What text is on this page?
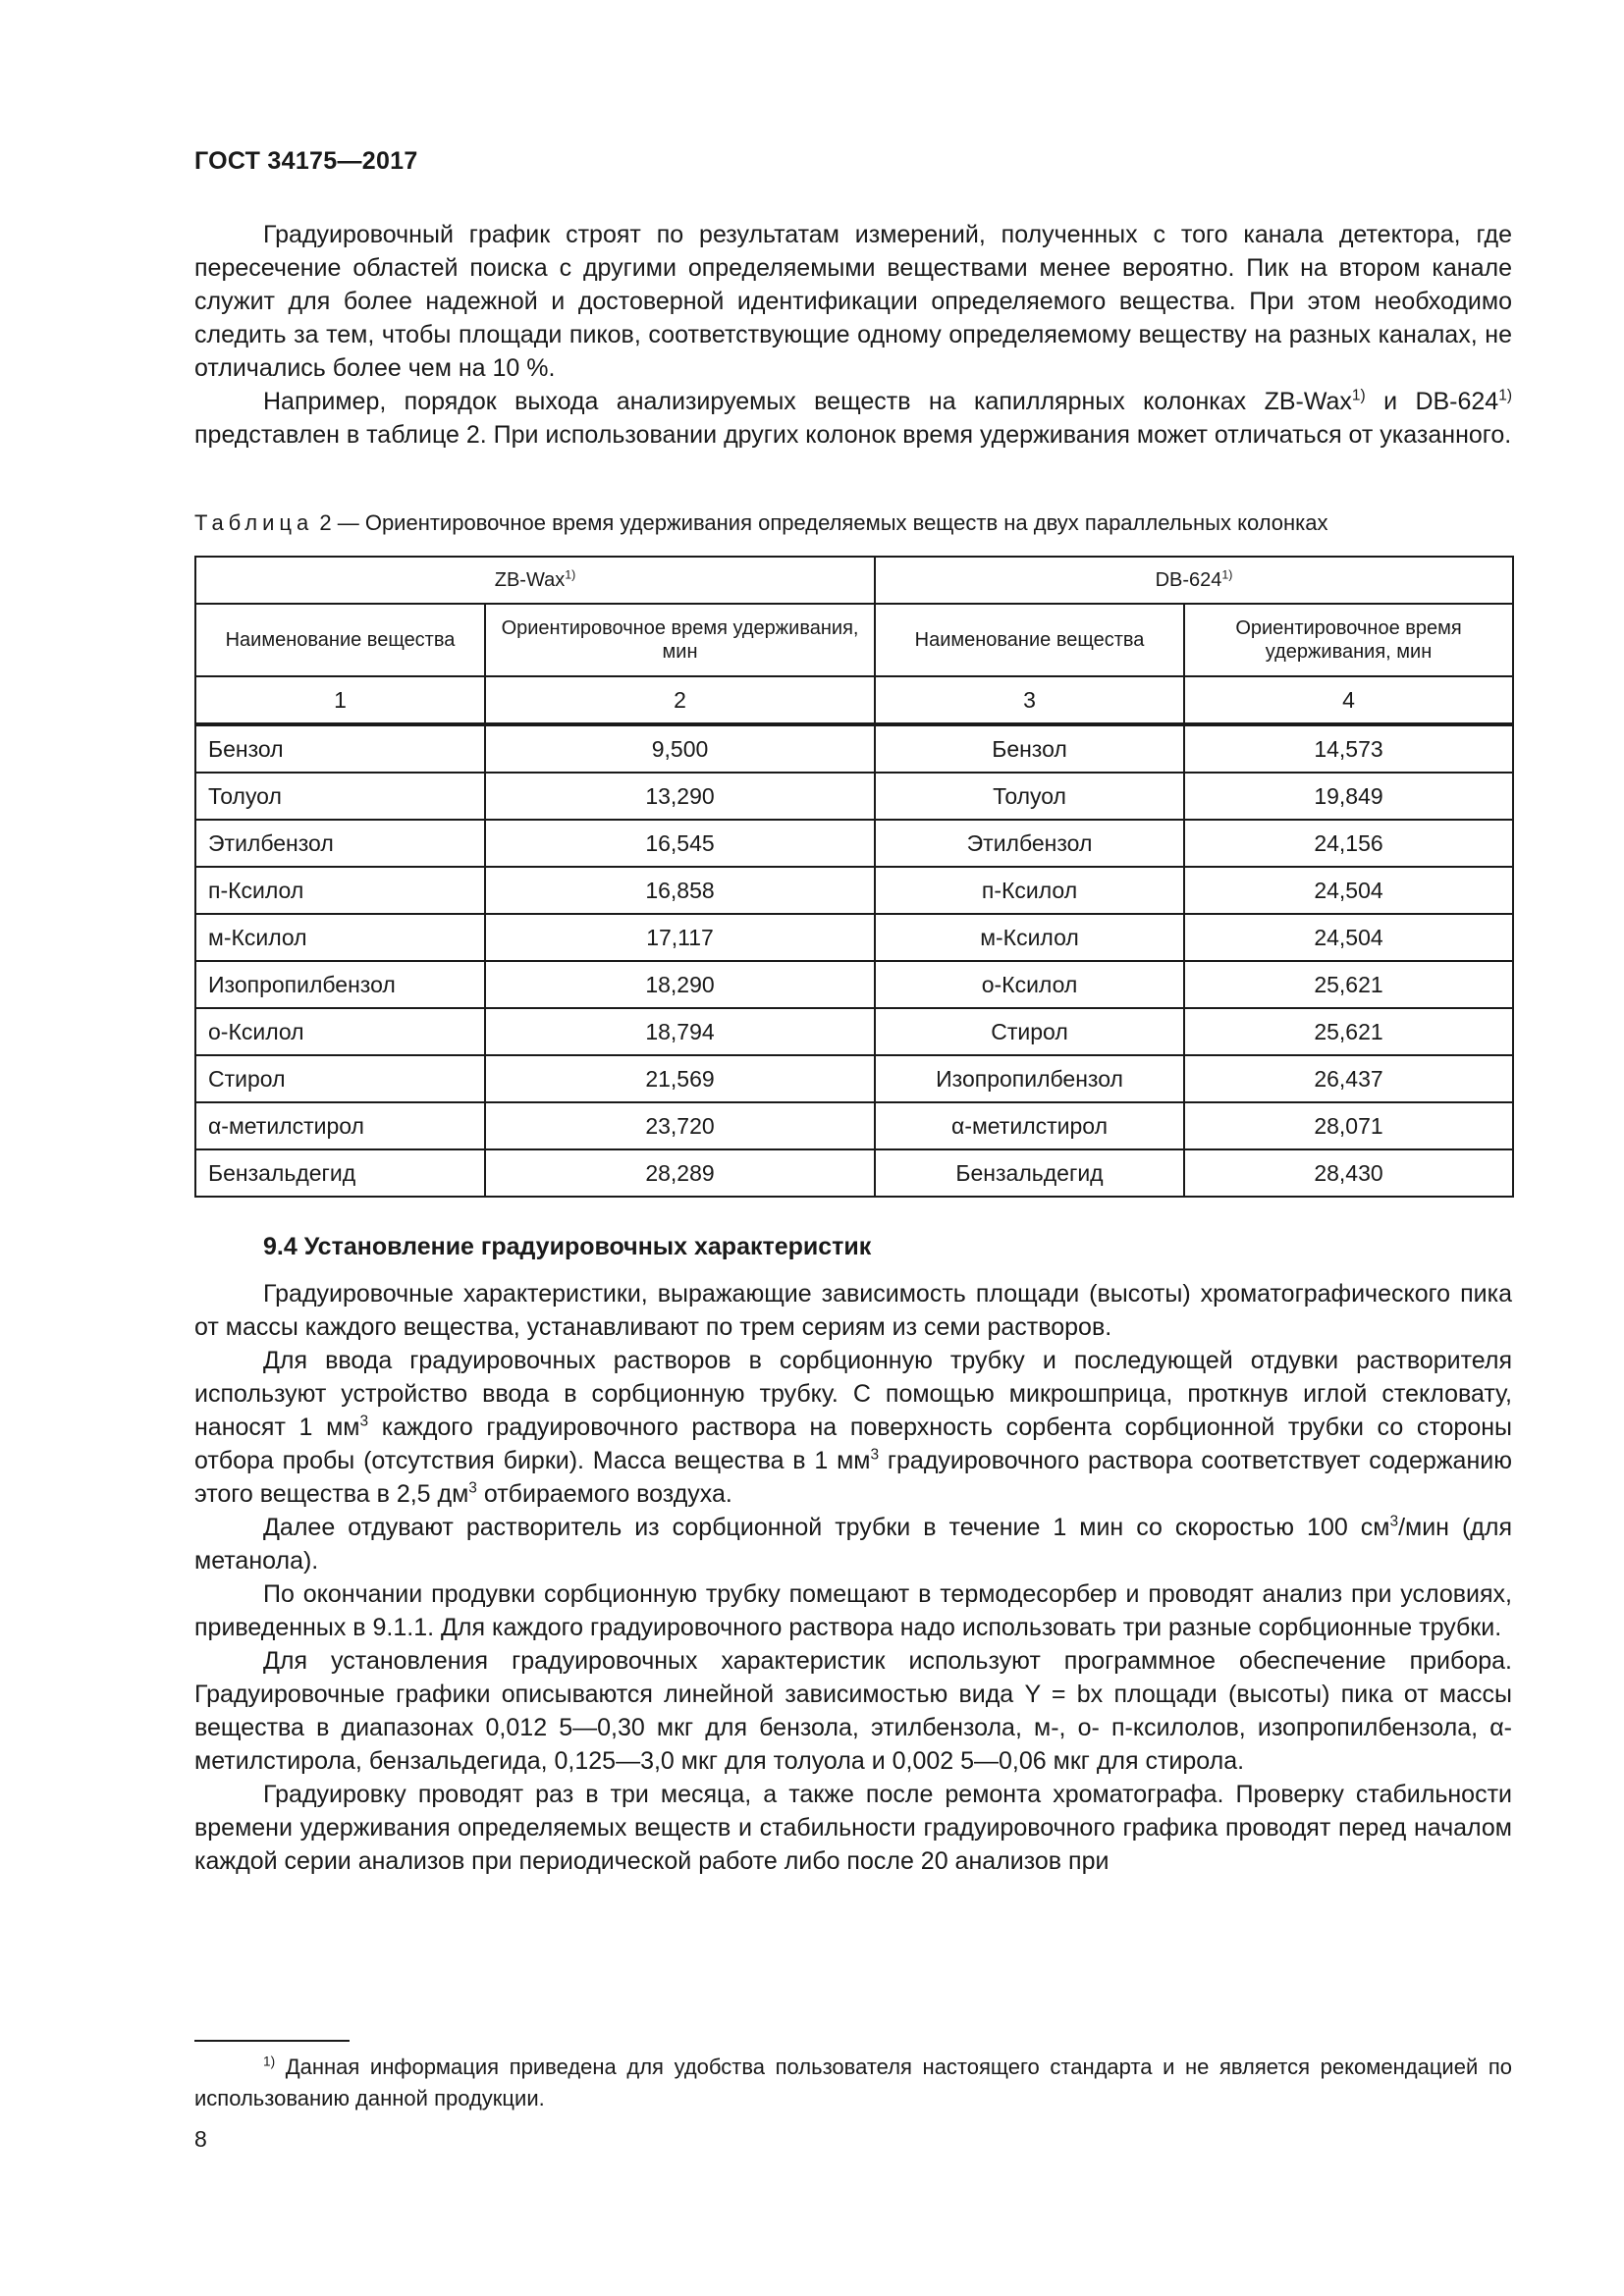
ГОСТ 34175—2017

Градуировочный график строят по результатам измерений, полученных с того канала детектора, где пересечение областей поиска с другими определяемыми веществами менее вероятно. Пик на втором канале служит для более надежной и достоверной идентификации определяемого вещества. При этом необходимо следить за тем, чтобы площади пиков, соответствующие одному определяемому веществу на разных каналах, не отличались более чем на 10 %.

Например, порядок выхода анализируемых веществ на капиллярных колонках ZB-Wax$^{1)}$ и DB-624$^{1)}$ представлен в таблице 2. При использовании других колонок время удерживания может отличаться от указанного.

Таблица 2 — Ориентировочное время удерживания определяемых веществ на двух параллельных колонках
ZB-Wax$^{1)}$		DB-624$^{1)}$
Наименование вещества	Ориентировочное время удерживания, мин	Наименование вещества	Ориентировочное время удерживания, мин
1	2	3	4
Бензол	9,500	Бензол	14,573
Толуол	13,290	Толуол	19,849
Этилбензол	16,545	Этилбензол	24,156
п-Ксилол	16,858	п-Ксилол	24,504
м-Ксилол	17,117	м-Ксилол	24,504
Изопропилбензол	18,290	о-Ксилол	25,621
о-Ксилол	18,794	Стирол	25,621
Стирол	21,569	Изопропилбензол	26,437
α-метилстирол	23,720	α-метилстирол	28,071
Бензальдегид	28,289	Бензальдегид	28,430
9.4 Установление градуировочных характеристик

Градуировочные характеристики, выражающие зависимость площади (высоты) хроматографического пика от массы каждого вещества, устанавливают по трем сериям из семи растворов.

Для ввода градуировочных растворов в сорбционную трубку и последующей отдувки растворителя используют устройство ввода в сорбционную трубку. С помощью микрошприца, проткнув иглой стекловату, наносят 1 $мм^3$ каждого градуировочного раствора на поверхность сорбента сорбционной трубки со стороны отбора пробы (отсутствия бирки). Масса вещества в 1 $мм^3$ градуировочного раствора соответствует содержанию этого вещества в 2,5 $дм^3$ отбираемого воздуха.

Далее отдувают растворитель из сорбционной трубки в течение 1 мин со скоростью 100 $см^3$/мин (для метанола).

По окончании продувки сорбционную трубку помещают в термодесорбер и проводят анализ при условиях, приведенных в 9.1.1. Для каждого градуировочного раствора надо использовать три разные сорбционные трубки.

Для установления градуировочных характеристик используют программное обеспечение прибора. Градуировочные графики описываются линейной зависимостью вида Y = bx площади (высоты) пика от массы вещества в диапазонах 0,012 5—0,30 мкг для бензола, этилбензола, м-, о- п-ксилолов, изопропилбензола, α-метилстирола, бензальдегида, 0,125—3,0 мкг для толуола и 0,002 5—0,06 мкг для стирола.

Градуировку проводят раз в три месяца, а также после ремонта хроматографа. Проверку стабильности времени удерживания определяемых веществ и стабильности градуировочного графика проводят перед началом каждой серии анализов при периодической работе либо после 20 анализов при

$^{1)}$ Данная информация приведена для удобства пользователя настоящего стандарта и не является рекомендацией по использованию данной продукции.

8
